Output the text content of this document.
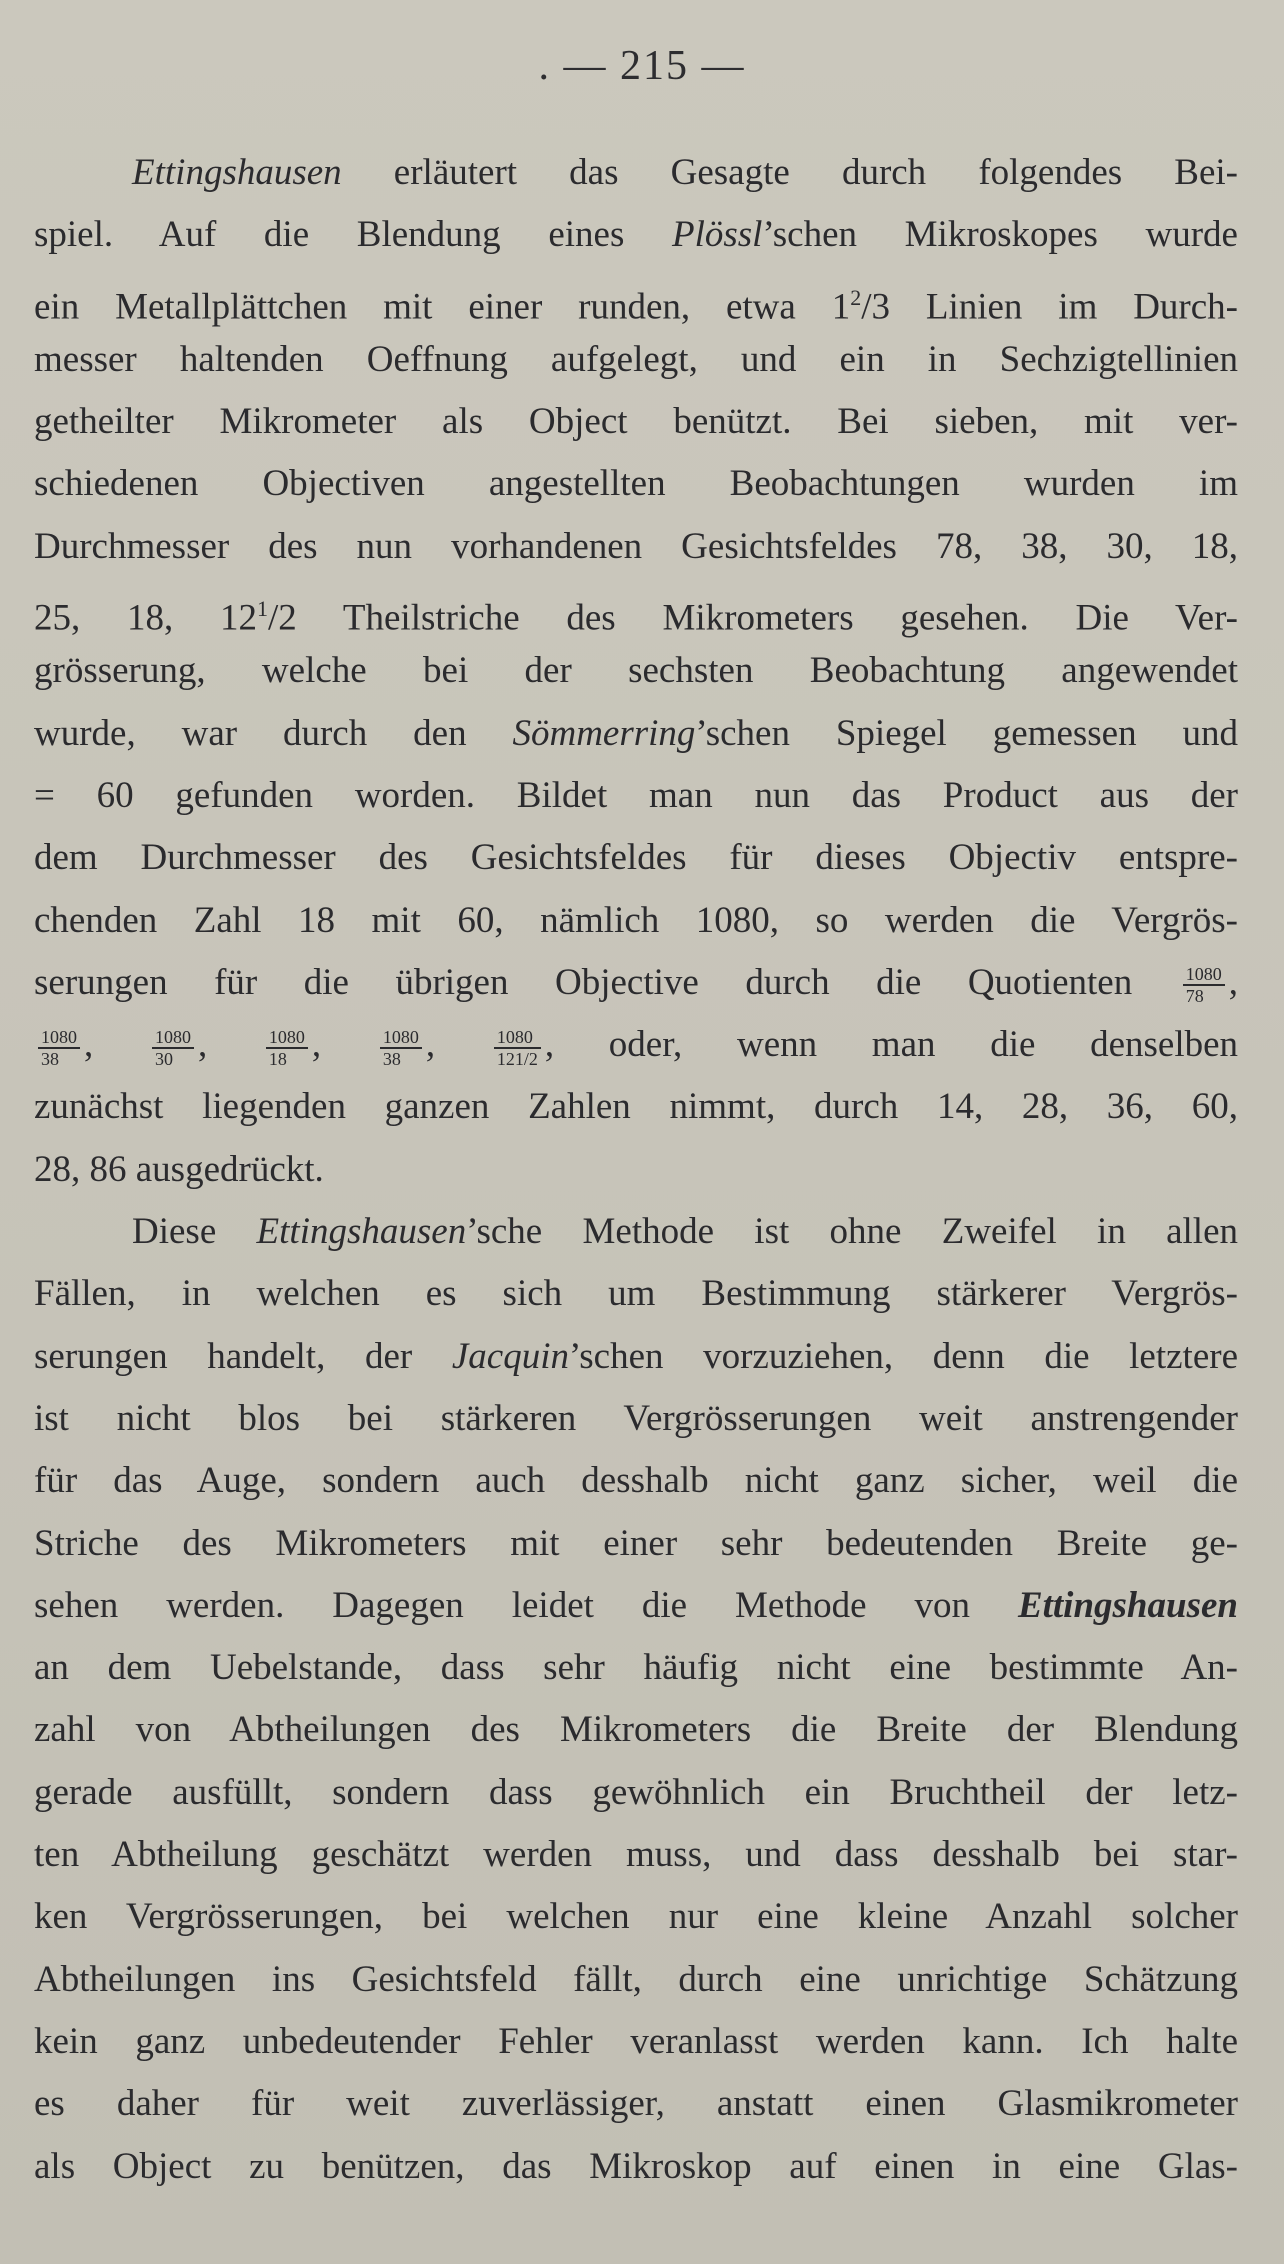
. — 215 —
Ettingshausen erläutert das Gesagte durch folgendes Bei-
spiel. Auf die Blendung eines Plössl’schen Mikroskopes wurde
ein Metallplättchen mit einer runden, etwa $1^2/3$ Linien im Durch-
messer haltenden Oeffnung aufgelegt, und ein in Sechzigtellinien
getheilter Mikrometer als Object benützt. Bei sieben, mit ver-
schiedenen Objectiven angestellten Beobachtungen wurden im
Durchmesser des nun vorhandenen Gesichtsfeldes 78, 38, 30, 18,
25, 18, $12^1/2$ Theilstriche des Mikrometers gesehen. Die Ver-
grösserung, welche bei der sechsten Beobachtung angewendet
wurde, war durch den Sömmerring’schen Spiegel gemessen und
= 60 gefunden worden. Bildet man nun das Product aus der
dem Durchmesser des Gesichtsfeldes für dieses Objectiv entspre-
chenden Zahl 18 mit 60, nämlich 1080, so werden die Vergrös-
serungen für die übrigen Objective durch die Quotienten	$\frac{1080}{78}$ ,
$\frac{1080}{38}$ ,	$\frac{1080}{30}$ ,	$\frac{1080}{18}$ ,	$\frac{1080}{38}$ ,	$\frac{1080}{121/2}$ , oder, wenn man die denselben
zunächst liegenden ganzen Zahlen nimmt, durch 14, 28, 36, 60,
28, 86 ausgedrückt.
Diese Ettingshausen’sche Methode ist ohne Zweifel in allen
Fällen, in welchen es sich um Bestimmung stärkerer Vergrös-
serungen handelt, der Jacquin’schen vorzuziehen, denn die letztere
ist nicht blos bei stärkeren Vergrösserungen weit anstrengender
für das Auge, sondern auch desshalb nicht ganz sicher, weil die
Striche des Mikrometers mit einer sehr bedeutenden Breite ge-
sehen werden. Dagegen leidet die Methode von Ettingshausen
an dem Uebelstande, dass sehr häufig nicht eine bestimmte An-
zahl von Abtheilungen des Mikrometers die Breite der Blendung
gerade ausfüllt, sondern dass gewöhnlich ein Bruchtheil der letz-
ten Abtheilung geschätzt werden muss, und dass desshalb bei star-
ken Vergrösserungen, bei welchen nur eine kleine Anzahl solcher
Abtheilungen ins Gesichtsfeld fällt, durch eine unrichtige Schätzung
kein ganz unbedeutender Fehler veranlasst werden kann. Ich halte
es daher für weit zuverlässiger, anstatt einen Glasmikrometer
als Object zu benützen, das Mikroskop auf einen in eine Glas-
